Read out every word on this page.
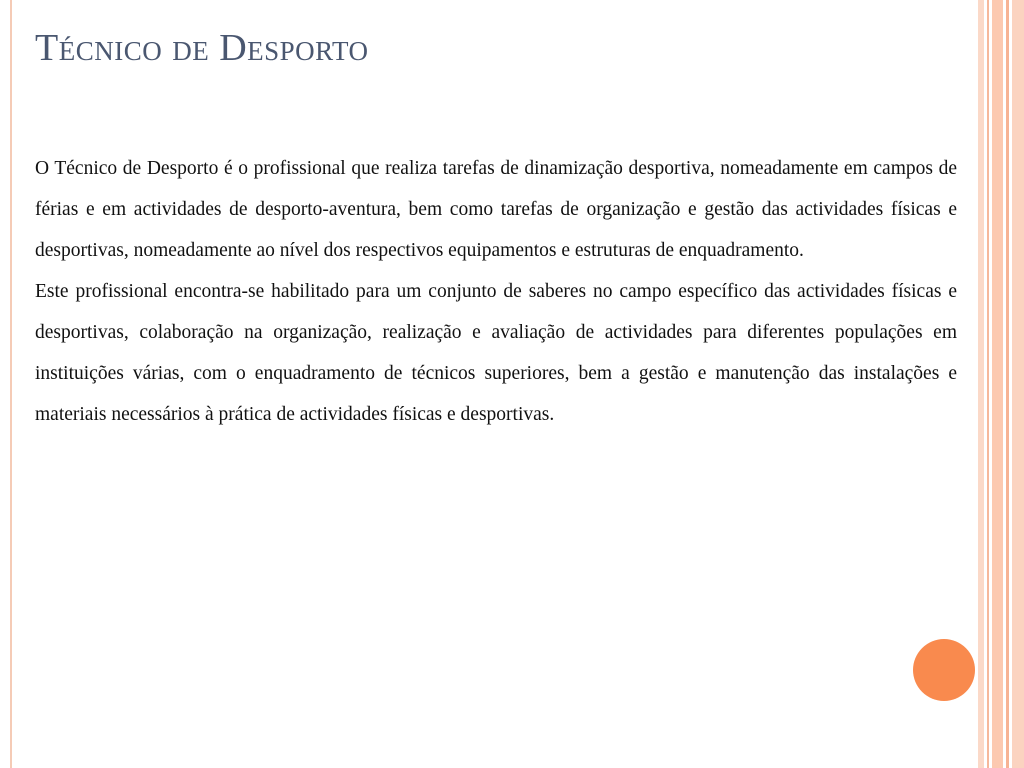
Técnico de Desporto

O Técnico de Desporto é o profissional que realiza tarefas de dinamização desportiva, nomeadamente em campos de férias e em actividades de desporto-aventura, bem como tarefas de organização e gestão das actividades físicas e desportivas, nomeadamente ao nível dos respectivos equipamentos e estruturas de enquadramento.

Este profissional encontra-se habilitado para um conjunto de saberes no campo específico das actividades físicas e desportivas, colaboração na organização, realização e avaliação de actividades para diferentes populações em instituições várias, com o enquadramento de técnicos superiores, bem a gestão e manutenção das instalações e materiais necessários à prática de actividades físicas e desportivas.
